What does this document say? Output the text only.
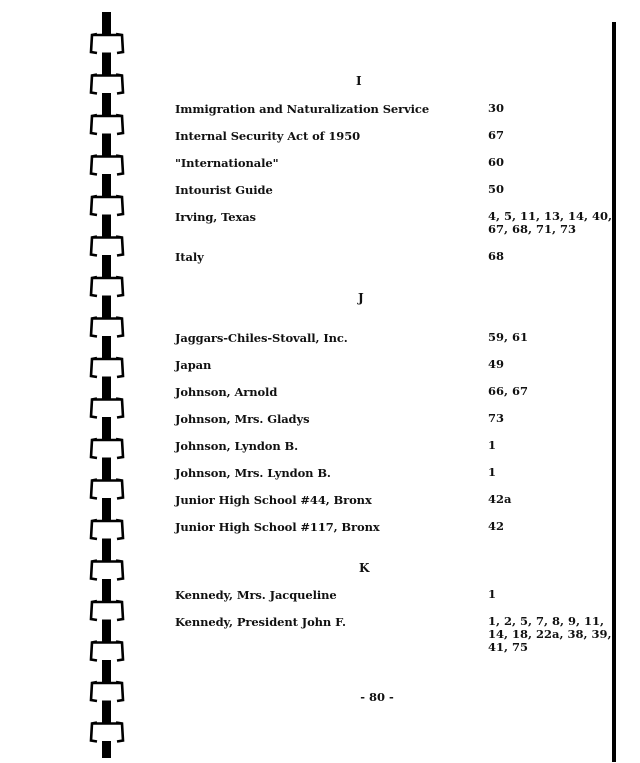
I
Immigration and Naturalization Service	30
Internal Security Act of 1950	67
"Internationale"	60
Intourist Guide	50
Irving, Texas	4, 5, 11, 13, 14, 40, 67, 68, 71, 73
Italy	68
J
Jaggars-Chiles-Stovall, Inc.	59, 61
Japan	49
Johnson, Arnold	66, 67
Johnson, Mrs. Gladys	73
Johnson, Lyndon B.	1
Johnson, Mrs. Lyndon B.	1
Junior High School #44, Bronx	42a
Junior High School #117, Bronx	42
K
Kennedy, Mrs. Jacqueline	1
Kennedy, President John F.	1, 2, 5, 7, 8, 9, 11, 14, 18, 22a, 38, 39, 41, 75
- 80 -
